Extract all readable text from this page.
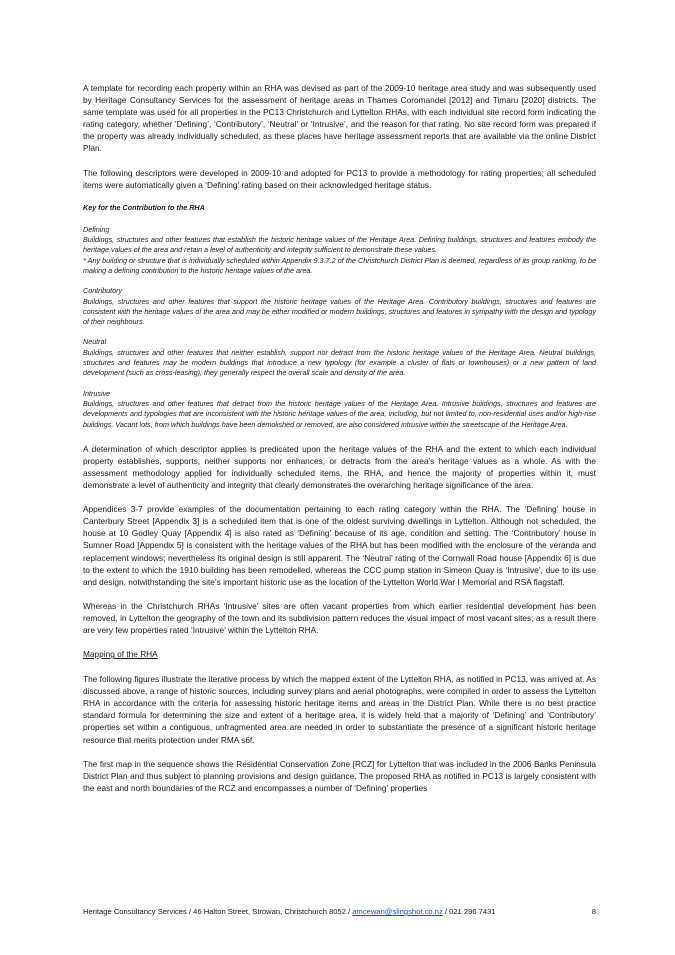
A template for recording each property within an RHA was devised as part of the 2009-10 heritage area study and was subsequently used by Heritage Consultancy Services for the assessment of heritage areas in Thames Coromandel [2012] and Timaru [2020] districts. The same template was used for all properties in the PC13 Christchurch and Lyttelton RHAs, with each individual site record form indicating the rating category, whether ‘Defining’, ‘Contributory’, ‘Neutral’ or ‘Intrusive’, and the reason for that rating. No site record form was prepared if the property was already individually scheduled, as these places have heritage assessment reports that are available via the online District Plan.

The following descriptors were developed in 2009-10 and adopted for PC13 to provide a methodology for rating properties; all scheduled items were automatically given a ‘Defining’ rating based on their acknowledged heritage status.

Key for the Contribution to the RHA

Defining

Buildings, structures and other features that establish the historic heritage values of the Heritage Area. Defining buildings, structures and features embody the heritage values of the area and retain a level of authenticity and integrity sufficient to demonstrate these values.

* Any building or structure that is individually scheduled within Appendix 9.3.7.2 of the Christchurch District Plan is deemed, regardless of its group ranking, to be making a defining contribution to the historic heritage values of the area.

Contributory

Buildings, structures and other features that support the historic heritage values of the Heritage Area. Contributory buildings, structures and features are consistent with the heritage values of the area and may be either modified or modern buildings, structures and features in sympathy with the design and typology of their neighbours.

Neutral

Buildings, structures and other features that neither establish, support nor detract from the historic heritage values of the Heritage Area. Neutral buildings, structures and features may be modern buildings that introduce a new typology (for example a cluster of flats or townhouses) or a new pattern of land development (such as cross-leasing); they generally respect the overall scale and density of the area.

Intrusive

Buildings, structures and other features that detract from the historic heritage values of the Heritage Area. Intrusive buildings, structures and features are developments and typologies that are inconsistent with the historic heritage values of the area, including, but not limited to, non-residential uses and/or high-rise buildings. Vacant lots, from which buildings have been demolished or removed, are also considered intrusive within the streetscape of the Heritage Area.

A determination of which descriptor applies is predicated upon the heritage values of the RHA and the extent to which each individual property establishes, supports, neither supports nor enhances, or detracts from the area’s heritage values as a whole. As with the assessment methodology applied for individually scheduled items, the RHA, and hence the majority of properties within it, must demonstrate a level of authenticity and integrity that clearly demonstrates the overarching heritage significance of the area.

Appendices 3-7 provide examples of the documentation pertaining to each rating category within the RHA. The ‘Defining’ house in Canterbury Street [Appendix 3] is a scheduled item that is one of the oldest surviving dwellings in Lyttelton. Although not scheduled, the house at 10 Godley Quay [Appendix 4] is also rated as ‘Defining’ because of its age, condition and setting. The ‘Contributory’ house in Sumner Road [Appendix 5] is consistent with the heritage values of the RHA but has been modified with the enclosure of the veranda and replacement windows; nevertheless its original design is still apparent. The ‘Neutral’ rating of the Cornwall Road house [Appendix 6] is due to the extent to which the 1910 building has been remodelled, whereas the CCC pump station in Simeon Quay is ‘Intrusive’, due to its use and design, notwithstanding the site’s important historic use as the location of the Lyttelton World War I Memorial and RSA flagstaff.

Whereas in the Christchurch RHAs ‘Intrusive’ sites are often vacant properties from which earlier residential development has been removed, in Lyttelton the geography of the town and its subdivision pattern reduces the visual impact of most vacant sites; as a result there are very few properties rated ‘Intrusive’ within the Lyttelton RHA.

Mapping of the RHA

The following figures illustrate the iterative process by which the mapped extent of the Lyttelton RHA, as notified in PC13, was arrived at. As discussed above, a range of historic sources, including survey plans and aerial photographs, were compiled in order to assess the Lyttelton RHA in accordance with the criteria for assessing historic heritage items and areas in the District Plan. While there is no best practice standard formula for determining the size and extent of a heritage area, it is widely held that a majority of ‘Defining’ and ‘Contributory’ properties set within a contiguous, unfragmented area are needed in order to substantiate the presence of a significant historic heritage resource that merits protection under RMA s6f.

The first map in the sequence shows the Residential Conservation Zone [RCZ] for Lyttelton that was included in the 2006 Banks Peninsula District Plan and thus subject to planning provisions and design guidance. The proposed RHA as notified in PC13 is largely consistent with the east and north boundaries of the RCZ and encompasses a number of ‘Defining’ properties

Heritage Consultancy Services / 46 Halton Street, Strowan, Christchurch 8052 / amcewan@slingshot.co.nz / 021 296 7431	8
